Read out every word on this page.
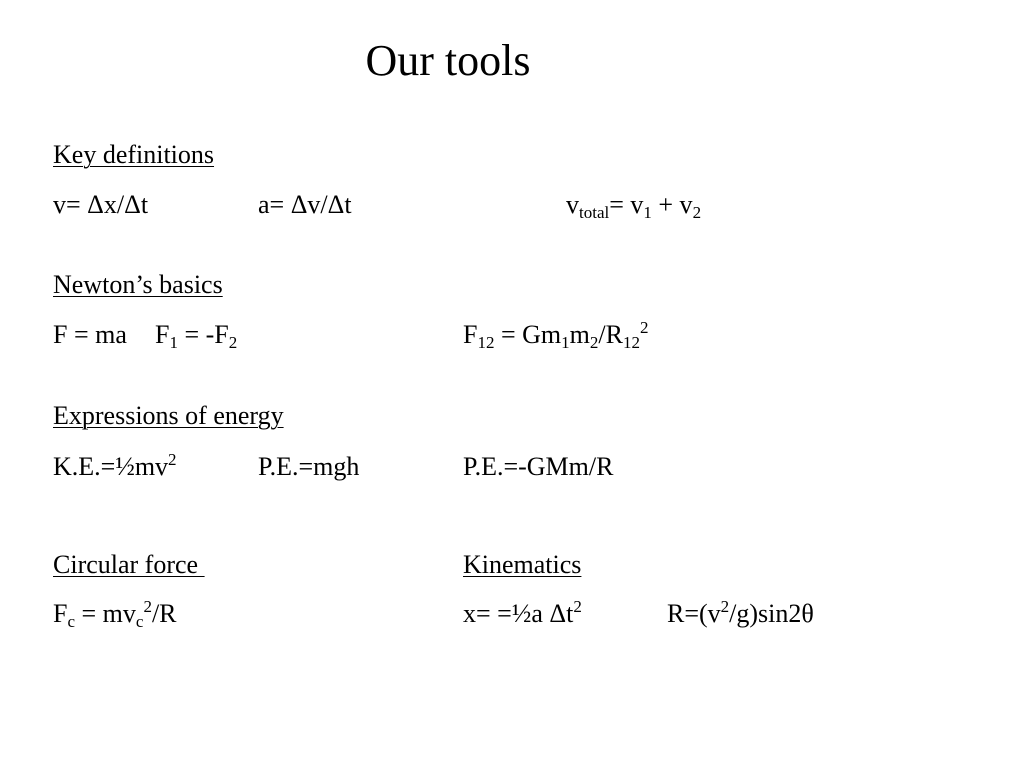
Our tools
Key definitions
v= Δx/Δt	a= Δv/Δt	$v_{total}= v_1 + v_2$
Newton’s basics
F = ma $F_1 = -F_2$	$F_{12} = Gm_1m_2/R_{12}^2$
Expressions of energy
$K.E.=\frac{1}{2}mv^2$	P.E.=mgh	P.E.=-GMm/R
Circular force
$F_c = mv_c^2/R$
Kinematics
x= =½a $\Delta t^2$	$R=(v^2/g)\sin 2\theta$
